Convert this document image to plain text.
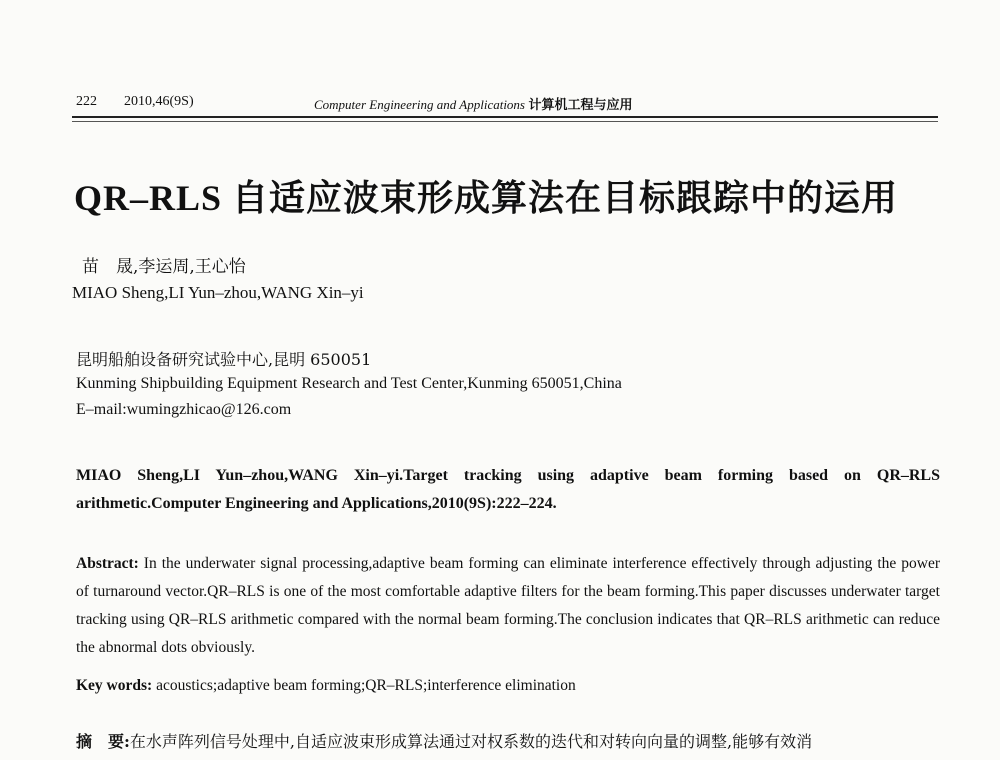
222 2010,46(9S)	Computer Engineering and Applications 计算机工程与应用
QR–RLS 自适应波束形成算法在目标跟踪中的运用
苗　晟,李运周,王心怡
MIAO Sheng,LI Yun–zhou,WANG Xin–yi
昆明船舶设备研究试验中心,昆明 650051
Kunming Shipbuilding Equipment Research and Test Center,Kunming 650051,China
E–mail:wumingzhicao@126.com

MIAO Sheng,LI Yun–zhou,WANG Xin–yi.Target tracking using adaptive beam forming based on QR–RLS arithmetic.Computer Engineering and Applications,2010(9S):222–224.

Abstract: In the underwater signal processing,adaptive beam forming can eliminate interference effectively through adjusting the power of turnaround vector.QR–RLS is one of the most comfortable adaptive filters for the beam forming.This paper discusses underwater target tracking using QR–RLS arithmetic compared with the normal beam forming.The conclusion indicates that QR–RLS arithmetic can reduce the abnormal dots obviously.

Key words: acoustics;adaptive beam forming;QR–RLS;interference elimination
摘　要:在水声阵列信号处理中,自适应波束形成算法通过对权系数的迭代和对转向向量的调整,能够有效消
